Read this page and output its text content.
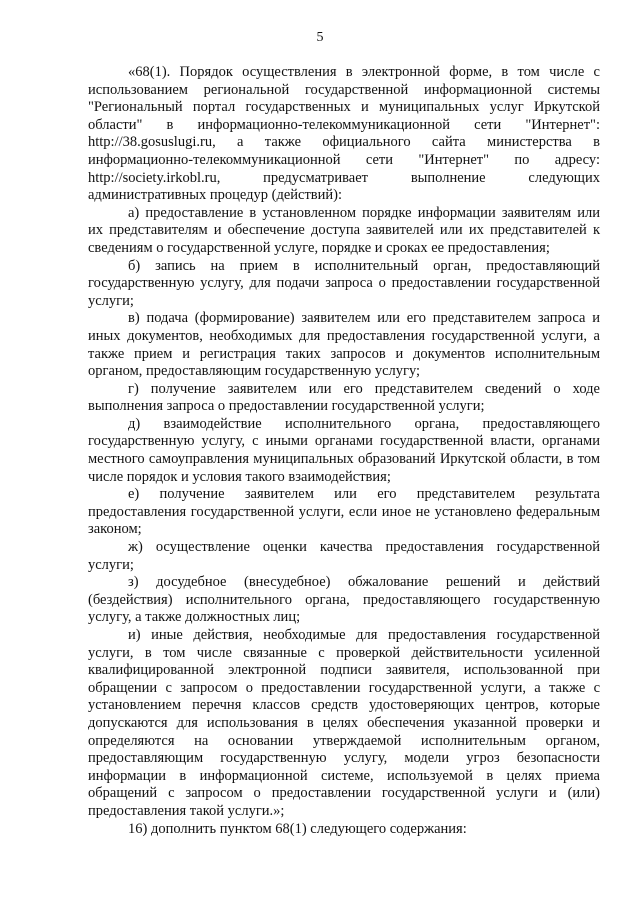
5

«68(1). Порядок осуществления в электронной форме, в том числе с использованием региональной государственной информационной системы "Региональный портал государственных и муниципальных услуг Иркутской области" в информационно-телекоммуникационной сети "Интернет": http://38.gosuslugi.ru, а также официального сайта министерства в информационно-телекоммуникационной сети "Интернет" по адресу: http://society.irkobl.ru, предусматривает выполнение следующих административных процедур (действий):

а) предоставление в установленном порядке информации заявителям или их представителям и обеспечение доступа заявителей или их представителей к сведениям о государственной услуге, порядке и сроках ее предоставления;

б) запись на прием в исполнительный орган, предоставляющий государственную услугу, для подачи запроса о предоставлении государственной услуги;

в) подача (формирование) заявителем или его представителем запроса и иных документов, необходимых для предоставления государственной услуги, а также прием и регистрация таких запросов и документов исполнительным органом, предоставляющим государственную услугу;

г) получение заявителем или его представителем сведений о ходе выполнения запроса о предоставлении государственной услуги;

д) взаимодействие исполнительного органа, предоставляющего государственную услугу, с иными органами государственной власти, органами местного самоуправления муниципальных образований Иркутской области, в том числе порядок и условия такого взаимодействия;

е) получение заявителем или его представителем результата предоставления государственной услуги, если иное не установлено федеральным законом;

ж) осуществление оценки качества предоставления государственной услуги;

з) досудебное (внесудебное) обжалование решений и действий (бездействия) исполнительного органа, предоставляющего государственную услугу, а также должностных лиц;

и) иные действия, необходимые для предоставления государственной услуги, в том числе связанные с проверкой действительности усиленной квалифицированной электронной подписи заявителя, использованной при обращении с запросом о предоставлении государственной услуги, а также с установлением перечня классов средств удостоверяющих центров, которые допускаются для использования в целях обеспечения указанной проверки и определяются на основании утверждаемой исполнительным органом, предоставляющим государственную услугу, модели угроз безопасности информации в информационной системе, используемой в целях приема обращений с запросом о предоставлении государственной услуги и (или) предоставления такой услуги.»;

16) дополнить пунктом 68(1) следующего содержания:
